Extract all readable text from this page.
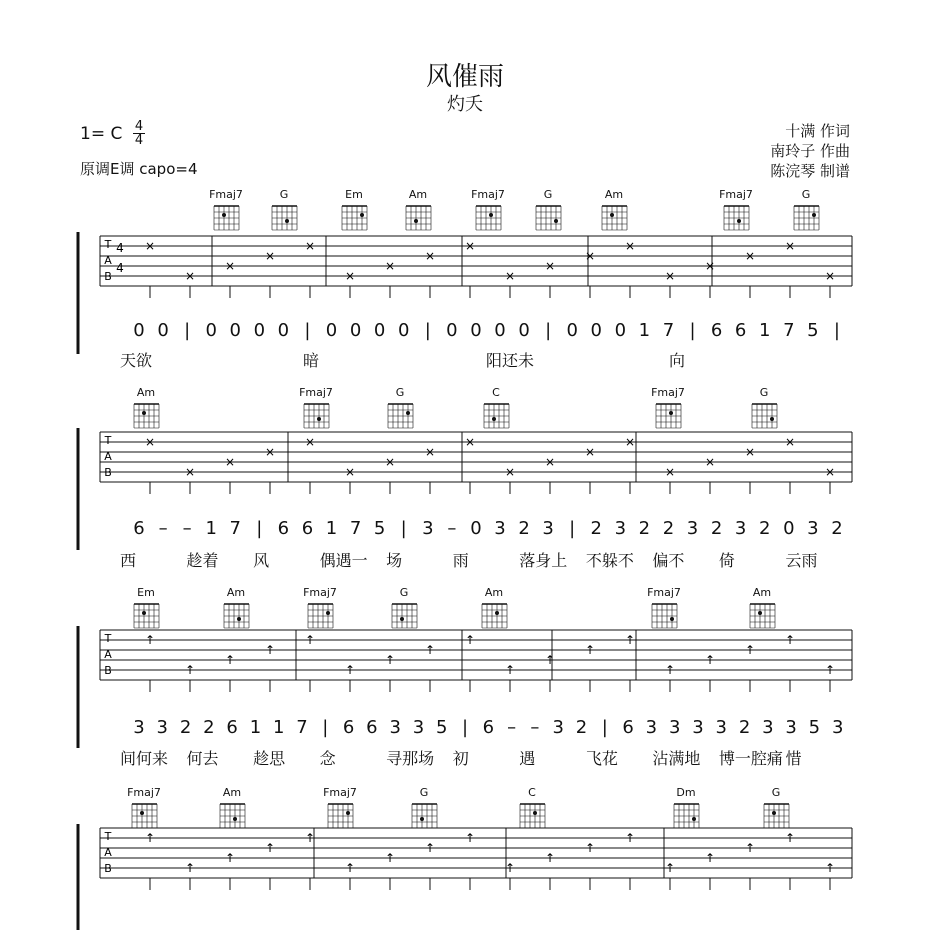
风催雨
灼夭
1= C 4
4
原调E调 capo=4
十满 作词
南玲子 作曲
陈浣琴 制谱
T
A
B
4
4
×
×
×
×
×
×
×
×
×
×
×
×
×
×
×
×
×
×
T
A
B
×
×
×
×
×
×
×
×
×
×
×
×
×
×
×
×
×
×
T
A
B
↑
↑
↑
↑
↑
↑
↑
↑
↑
↑
↑
↑
↑
↑
↑
↑
↑
↑
T
A
B
↑
↑
↑
↑
↑
↑
↑
↑
↑
↑
↑
↑
↑
↑
↑
↑
↑
↑
Fmaj7	G	Em	Am	Fmaj7	G	Am	Fmaj7	G
0 0 | 0 0 0 0 | 0 0 0 0 | 0 0 0 0 | 0 0 0 1 7 | 6 6 1 7 5 |
天欲	暗	阳还未	向
Am	Fmaj7	G	C	Fmaj7	G
6 – – 1 7 | 6 6 1 7 5 | 3 – 0 3 2 3 | 2 3 2 2 3 2 3 2 0 3 2
西	趁着 风	偶遇一 场	雨	落身上 不躲不 偏不 倚	云雨
Em	Am	Fmaj7	G	Am	Fmaj7	Am
3 3 2 2 6 1 1 7 | 6 6 3 3 5 | 6 – – 3 2 | 6 3 3 3 3 2 3 3 5 3
间何来 何去 趁思 念	寻那场 初	遇	飞花 沾满地 博一腔痛 惜
Fmaj7	Am	Fmaj7	G	C	Dm	G
